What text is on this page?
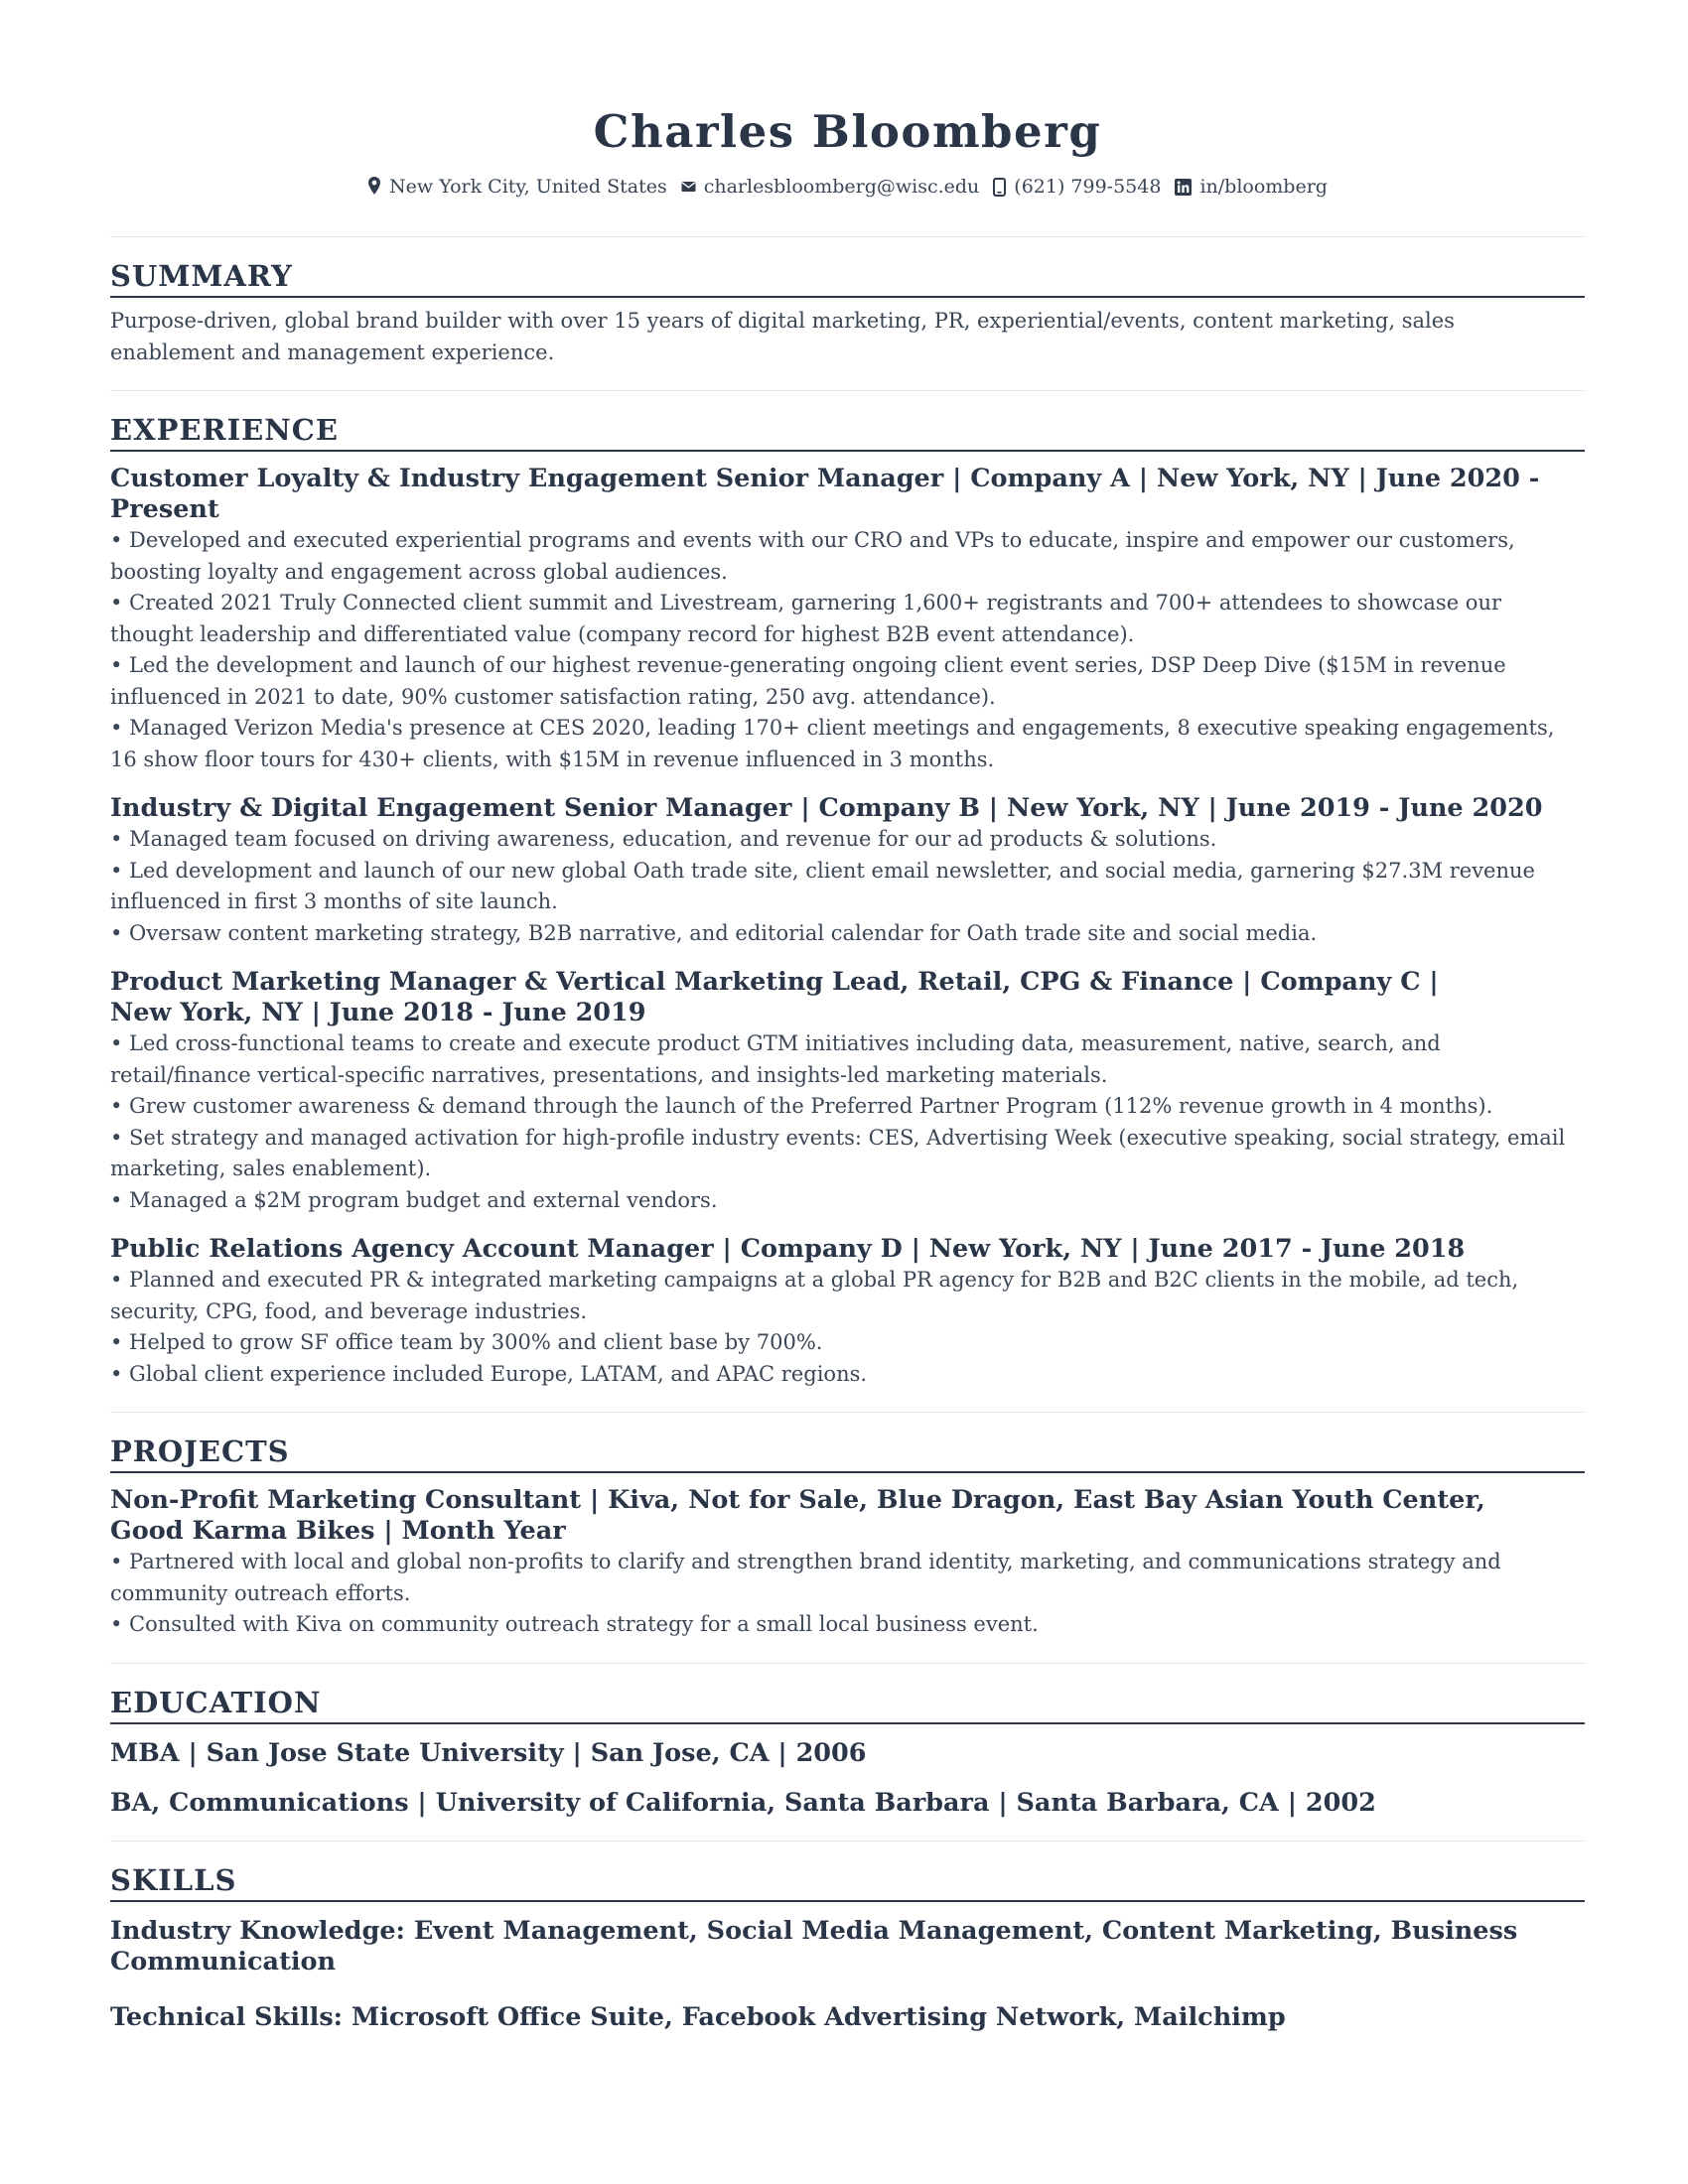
Charles Bloomberg
New York City, United States charlesbloomberg@wisc.edu (621) 799-5548 in/bloomberg
SUMMARY

Purpose-driven, global brand builder with over 15 years of digital marketing, PR, experiential/events, content marketing, sales enablement and management experience.

EXPERIENCE

Customer Loyalty & Industry Engagement Senior Manager | Company A | New York, NY | June 2020 - Present

• Developed and executed experiential programs and events with our CRO and VPs to educate, inspire and empower our customers, boosting loyalty and engagement across global audiences.

• Created 2021 Truly Connected client summit and Livestream, garnering 1,600+ registrants and 700+ attendees to showcase our thought leadership and differentiated value (company record for highest B2B event attendance).

• Led the development and launch of our highest revenue-generating ongoing client event series, DSP Deep Dive ($15M in revenue influenced in 2021 to date, 90% customer satisfaction rating, 250 avg. attendance).

• Managed Verizon Media's presence at CES 2020, leading 170+ client meetings and engagements, 8 executive speaking engagements, 16 show floor tours for 430+ clients, with $15M in revenue influenced in 3 months.

Industry & Digital Engagement Senior Manager | Company B | New York, NY | June 2019 - June 2020

• Managed team focused on driving awareness, education, and revenue for our ad products & solutions.

• Led development and launch of our new global Oath trade site, client email newsletter, and social media, garnering $27.3M revenue influenced in first 3 months of site launch.

• Oversaw content marketing strategy, B2B narrative, and editorial calendar for Oath trade site and social media.

Product Marketing Manager & Vertical Marketing Lead, Retail, CPG & Finance | Company C | New York, NY | June 2018 - June 2019

• Led cross-functional teams to create and execute product GTM initiatives including data, measurement, native, search, and retail/finance vertical-specific narratives, presentations, and insights-led marketing materials.

• Grew customer awareness & demand through the launch of the Preferred Partner Program (112% revenue growth in 4 months).

• Set strategy and managed activation for high-profile industry events: CES, Advertising Week (executive speaking, social strategy, email marketing, sales enablement).

• Managed a $2M program budget and external vendors.

Public Relations Agency Account Manager | Company D | New York, NY | June 2017 - June 2018

• Planned and executed PR & integrated marketing campaigns at a global PR agency for B2B and B2C clients in the mobile, ad tech, security, CPG, food, and beverage industries.

• Helped to grow SF office team by 300% and client base by 700%.

• Global client experience included Europe, LATAM, and APAC regions.

PROJECTS

Non-Profit Marketing Consultant | Kiva, Not for Sale, Blue Dragon, East Bay Asian Youth Center, Good Karma Bikes | Month Year

• Partnered with local and global non-profits to clarify and strengthen brand identity, marketing, and communications strategy and community outreach efforts.

• Consulted with Kiva on community outreach strategy for a small local business event.

EDUCATION

MBA | San Jose State University | San Jose, CA | 2006

BA, Communications | University of California, Santa Barbara | Santa Barbara, CA | 2002

SKILLS

Industry Knowledge: Event Management, Social Media Management, Content Marketing, Business Communication

Technical Skills: Microsoft Office Suite, Facebook Advertising Network, Mailchimp
